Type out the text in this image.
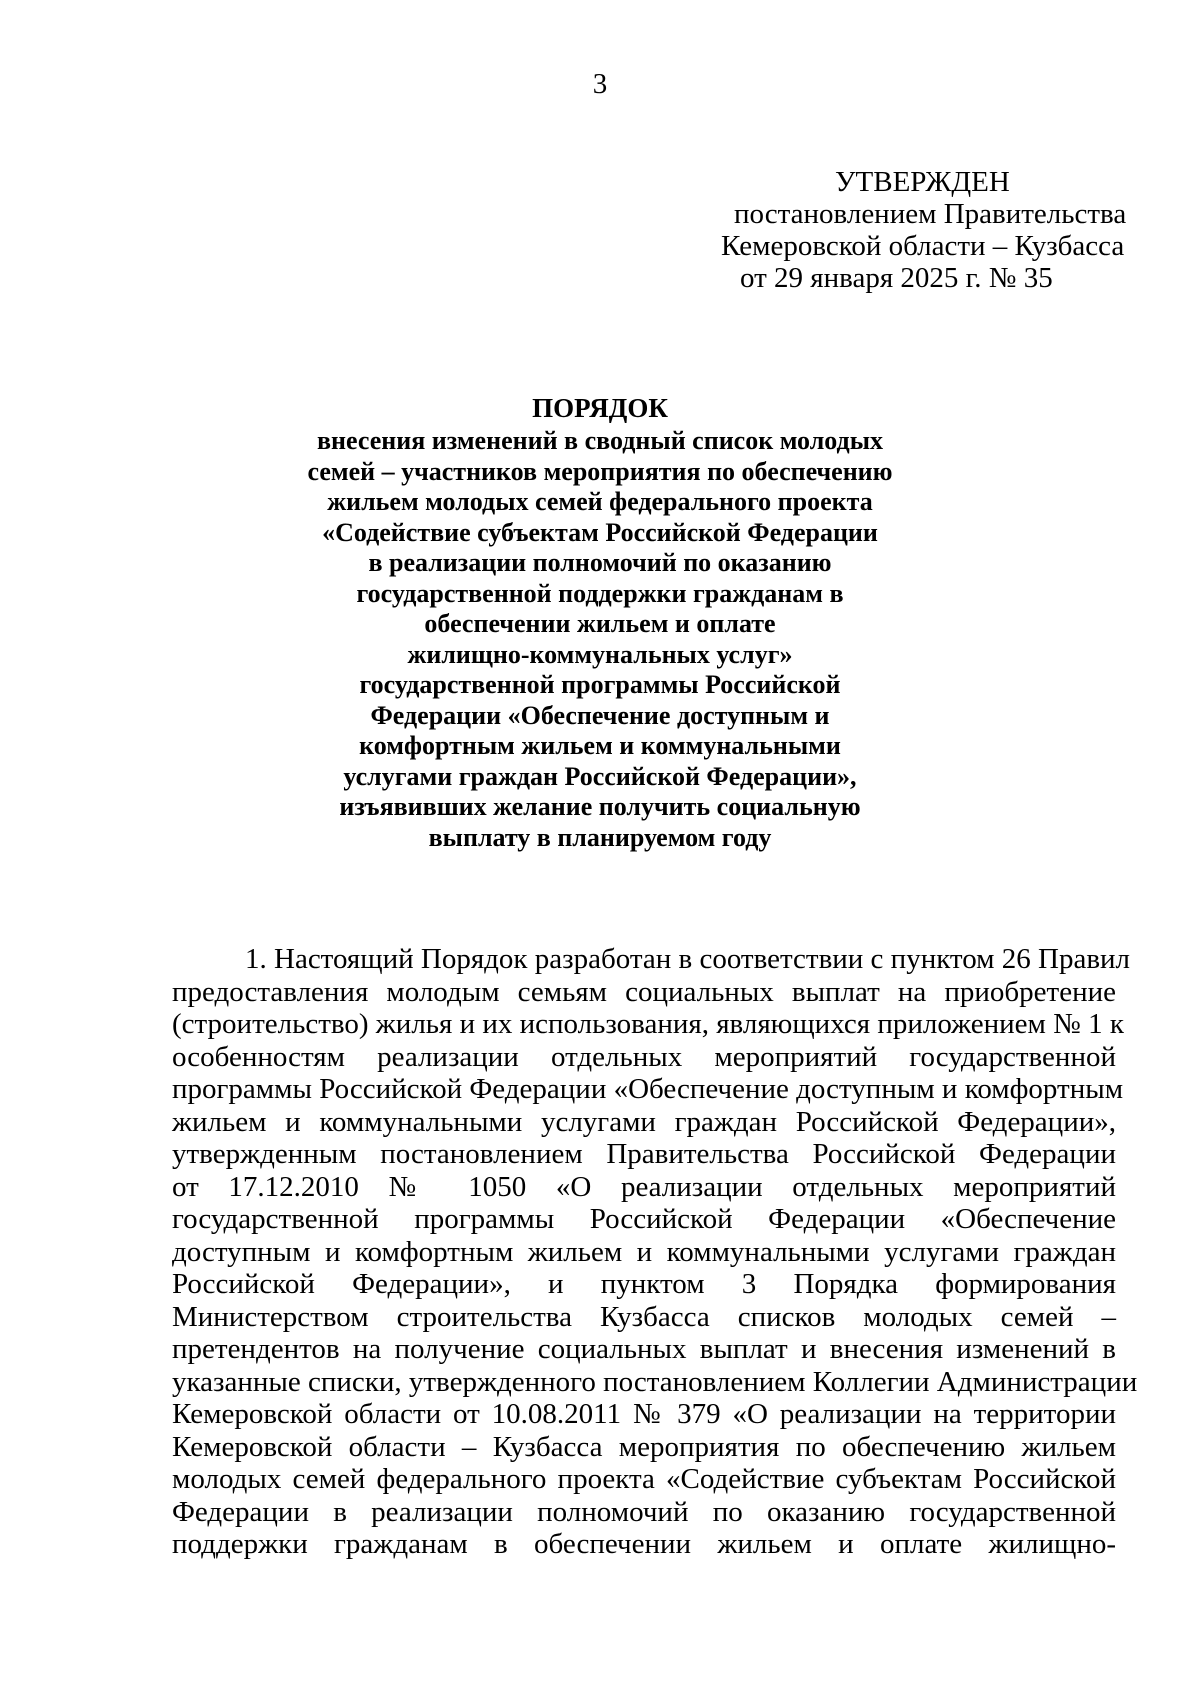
3
УТВЕРЖДЕН
постановлением Правительства
Кемеровской области – Кузбасса
от 29 января 2025 г. № 35
ПОРЯДОК
внесения изменений в сводный список молодых
семей – участников мероприятия по обеспечению
жильем молодых семей федерального проекта
«Содействие субъектам Российской Федерации
в реализации полномочий по оказанию
государственной поддержки гражданам в
обеспечении жильем и оплате
жилищно-коммунальных услуг»
государственной программы Российской
Федерации «Обеспечение доступным и
комфортным жильем и коммунальными
услугами граждан Российской Федерации»,
изъявивших желание получить социальную
выплату в планируемом году
1. Настоящий Порядок разработан в соответствии с пунктом 26 Правил
предоставления молодым семьям социальных выплат на приобретение
(строительство) жилья и их использования, являющихся приложением № 1 к
особенностям реализации отдельных мероприятий государственной
программы Российской Федерации «Обеспечение доступным и комфортным
жильем и коммунальными услугами граждан Российской Федерации»,
утвержденным постановлением Правительства Российской Федерации
от 17.12.2010 № 1050 «О реализации отдельных мероприятий
государственной программы Российской Федерации «Обеспечение
доступным и комфортным жильем и коммунальными услугами граждан
Российской Федерации», и пунктом 3 Порядка формирования
Министерством строительства Кузбасса списков молодых семей –
претендентов на получение социальных выплат и внесения изменений в
указанные списки, утвержденного постановлением Коллегии Администрации
Кемеровской области от 10.08.2011 № 379 «О реализации на территории
Кемеровской области – Кузбасса мероприятия по обеспечению жильем
молодых семей федерального проекта «Содействие субъектам Российской
Федерации в реализации полномочий по оказанию государственной
поддержки гражданам в обеспечении жильем и оплате жилищно-
